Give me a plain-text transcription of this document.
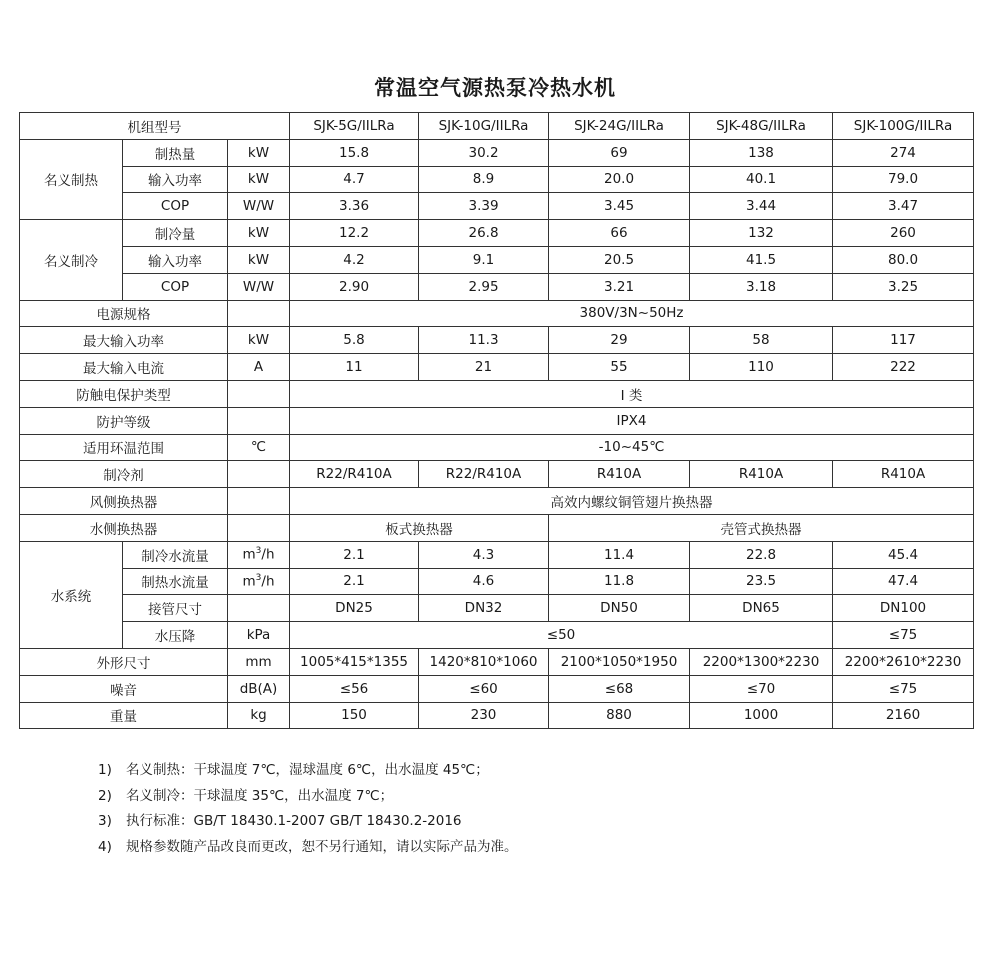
常温空气源热泵冷热水机
机组型号			SJK-5G/IILRa	SJK-10G/IILRa	SJK-24G/IILRa	SJK-48G/IILRa	SJK-100G/IILRa
名义制热	制热量	kW	15.8	30.2	69	138	274
	输入功率	kW	4.7	8.9	20.0	40.1	79.0
	COP	W/W	3.36	3.39	3.45	3.44	3.47
名义制冷	制冷量	kW	12.2	26.8	66	132	260
	输入功率	kW	4.2	9.1	20.5	41.5	80.0
	COP	W/W	2.90	2.95	3.21	3.18	3.25
电源规格			380V/3N~50Hz				
最大输入功率		kW	5.8	11.3	29	58	117
最大输入电流		A	11	21	55	110	222
防触电保护类型			I 类				
防护等级			IPX4				
适用环温范围		℃	-10~45℃				
制冷剂			R22/R410A	R22/R410A	R410A	R410A	R410A
风侧换热器			高效内螺纹铜管翅片换热器				
水侧换热器			板式换热器		壳管式换热器		
水系统	制冷水流量	$m^3/h$	2.1	4.3	11.4	22.8	45.4
	制热水流量	$m^3/h$	2.1	4.6	11.8	23.5	47.4
	接管尺寸		DN25	DN32	DN50	DN65	DN100
	水压降	kPa	≤50				≤75
外形尺寸		mm	1005*415*1355	1420*810*1060	2100*1050*1950	2200*1300*2230	2200*2610*2230
噪音		dB(A)	≤56	≤60	≤68	≤70	≤75
重量		kg	150	230	880	1000	2160
1) 名义制热：干球温度 7℃，湿球温度 6℃，出水温度 45℃；
2) 名义制冷：干球温度 35℃，出水温度 7℃；
3) 执行标准：GB/T 18430.1-2007 GB/T 18430.2-2016
4) 规格参数随产品改良而更改，恕不另行通知，请以实际产品为准。
